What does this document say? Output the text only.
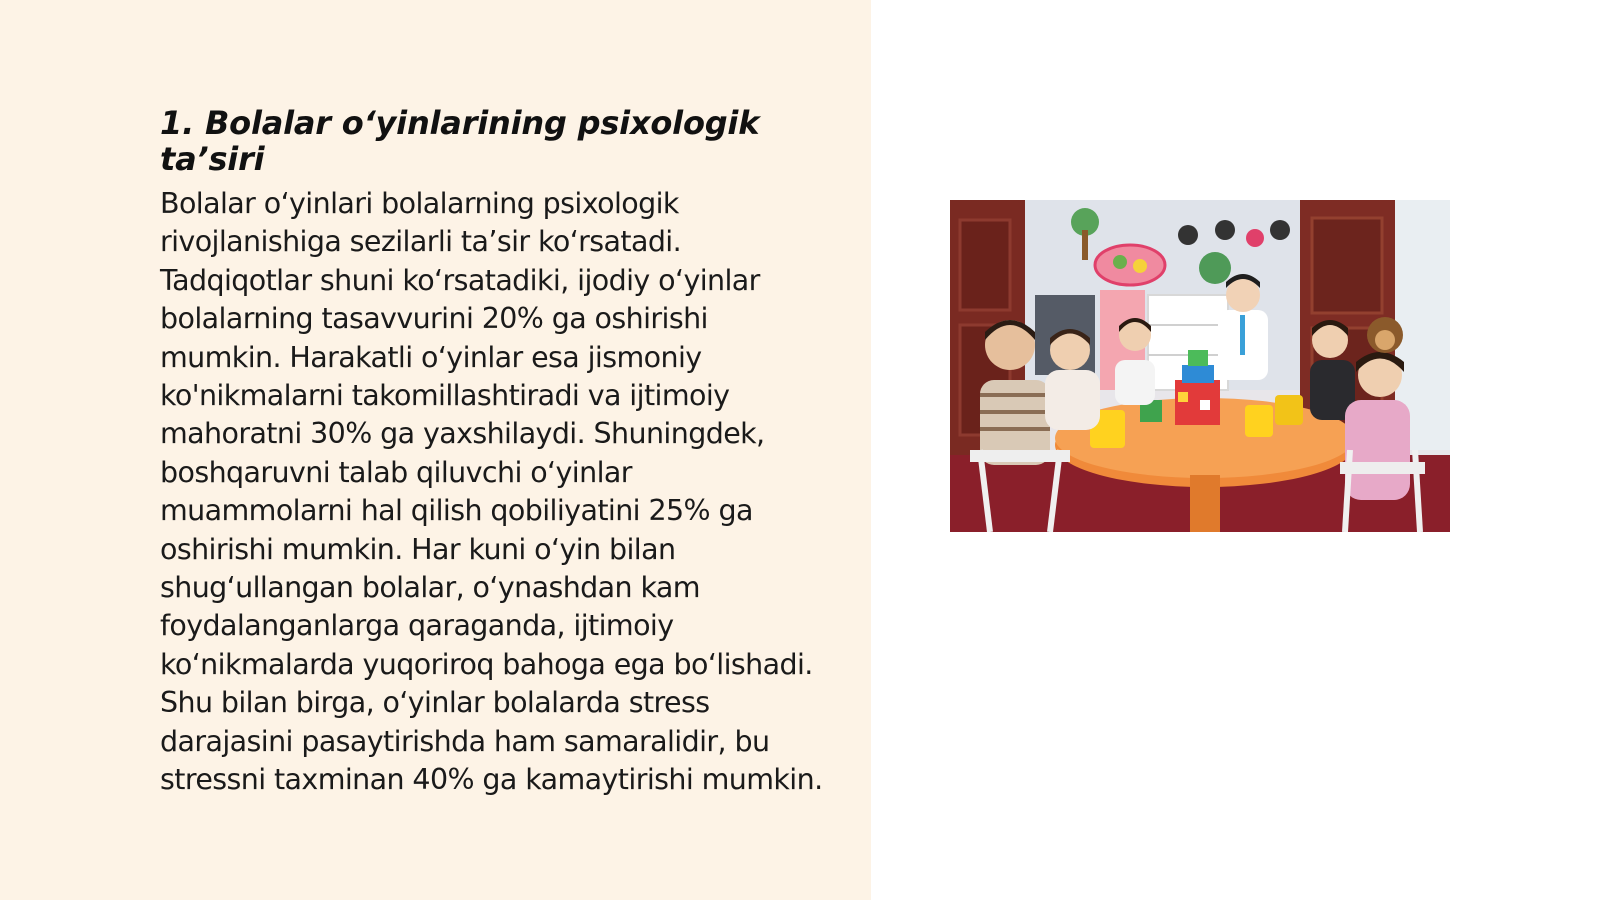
1. Bolalar o‘yinlarining psixologik ta’siri

Bolalar o‘yinlari bolalarning psixologik rivojlanishiga sezilarli ta’sir ko‘rsatadi. Tadqiqotlar shuni ko‘rsatadiki, ijodiy o‘yinlar bolalarning tasavvurini 20% ga oshirishi mumkin. Harakatli o‘yinlar esa jismoniy ko'nikmalarni takomillashtiradi va ijtimoiy mahoratni 30% ga yaxshilaydi. Shuningdek, boshqaruvni talab qiluvchi o‘yinlar muammolarni hal qilish qobiliyatini 25% ga oshirishi mumkin. Har kuni o‘yin bilan shug‘ullangan bolalar, o‘ynashdan kam foydalanganlarga qaraganda, ijtimoiy ko‘nikmalarda yuqoriroq bahoga ega bo‘lishadi. Shu bilan birga, o‘yinlar bolalarda stress darajasini pasaytirishda ham samaralidir, bu stressni taxminan 40% ga kamaytirishi mumkin.
